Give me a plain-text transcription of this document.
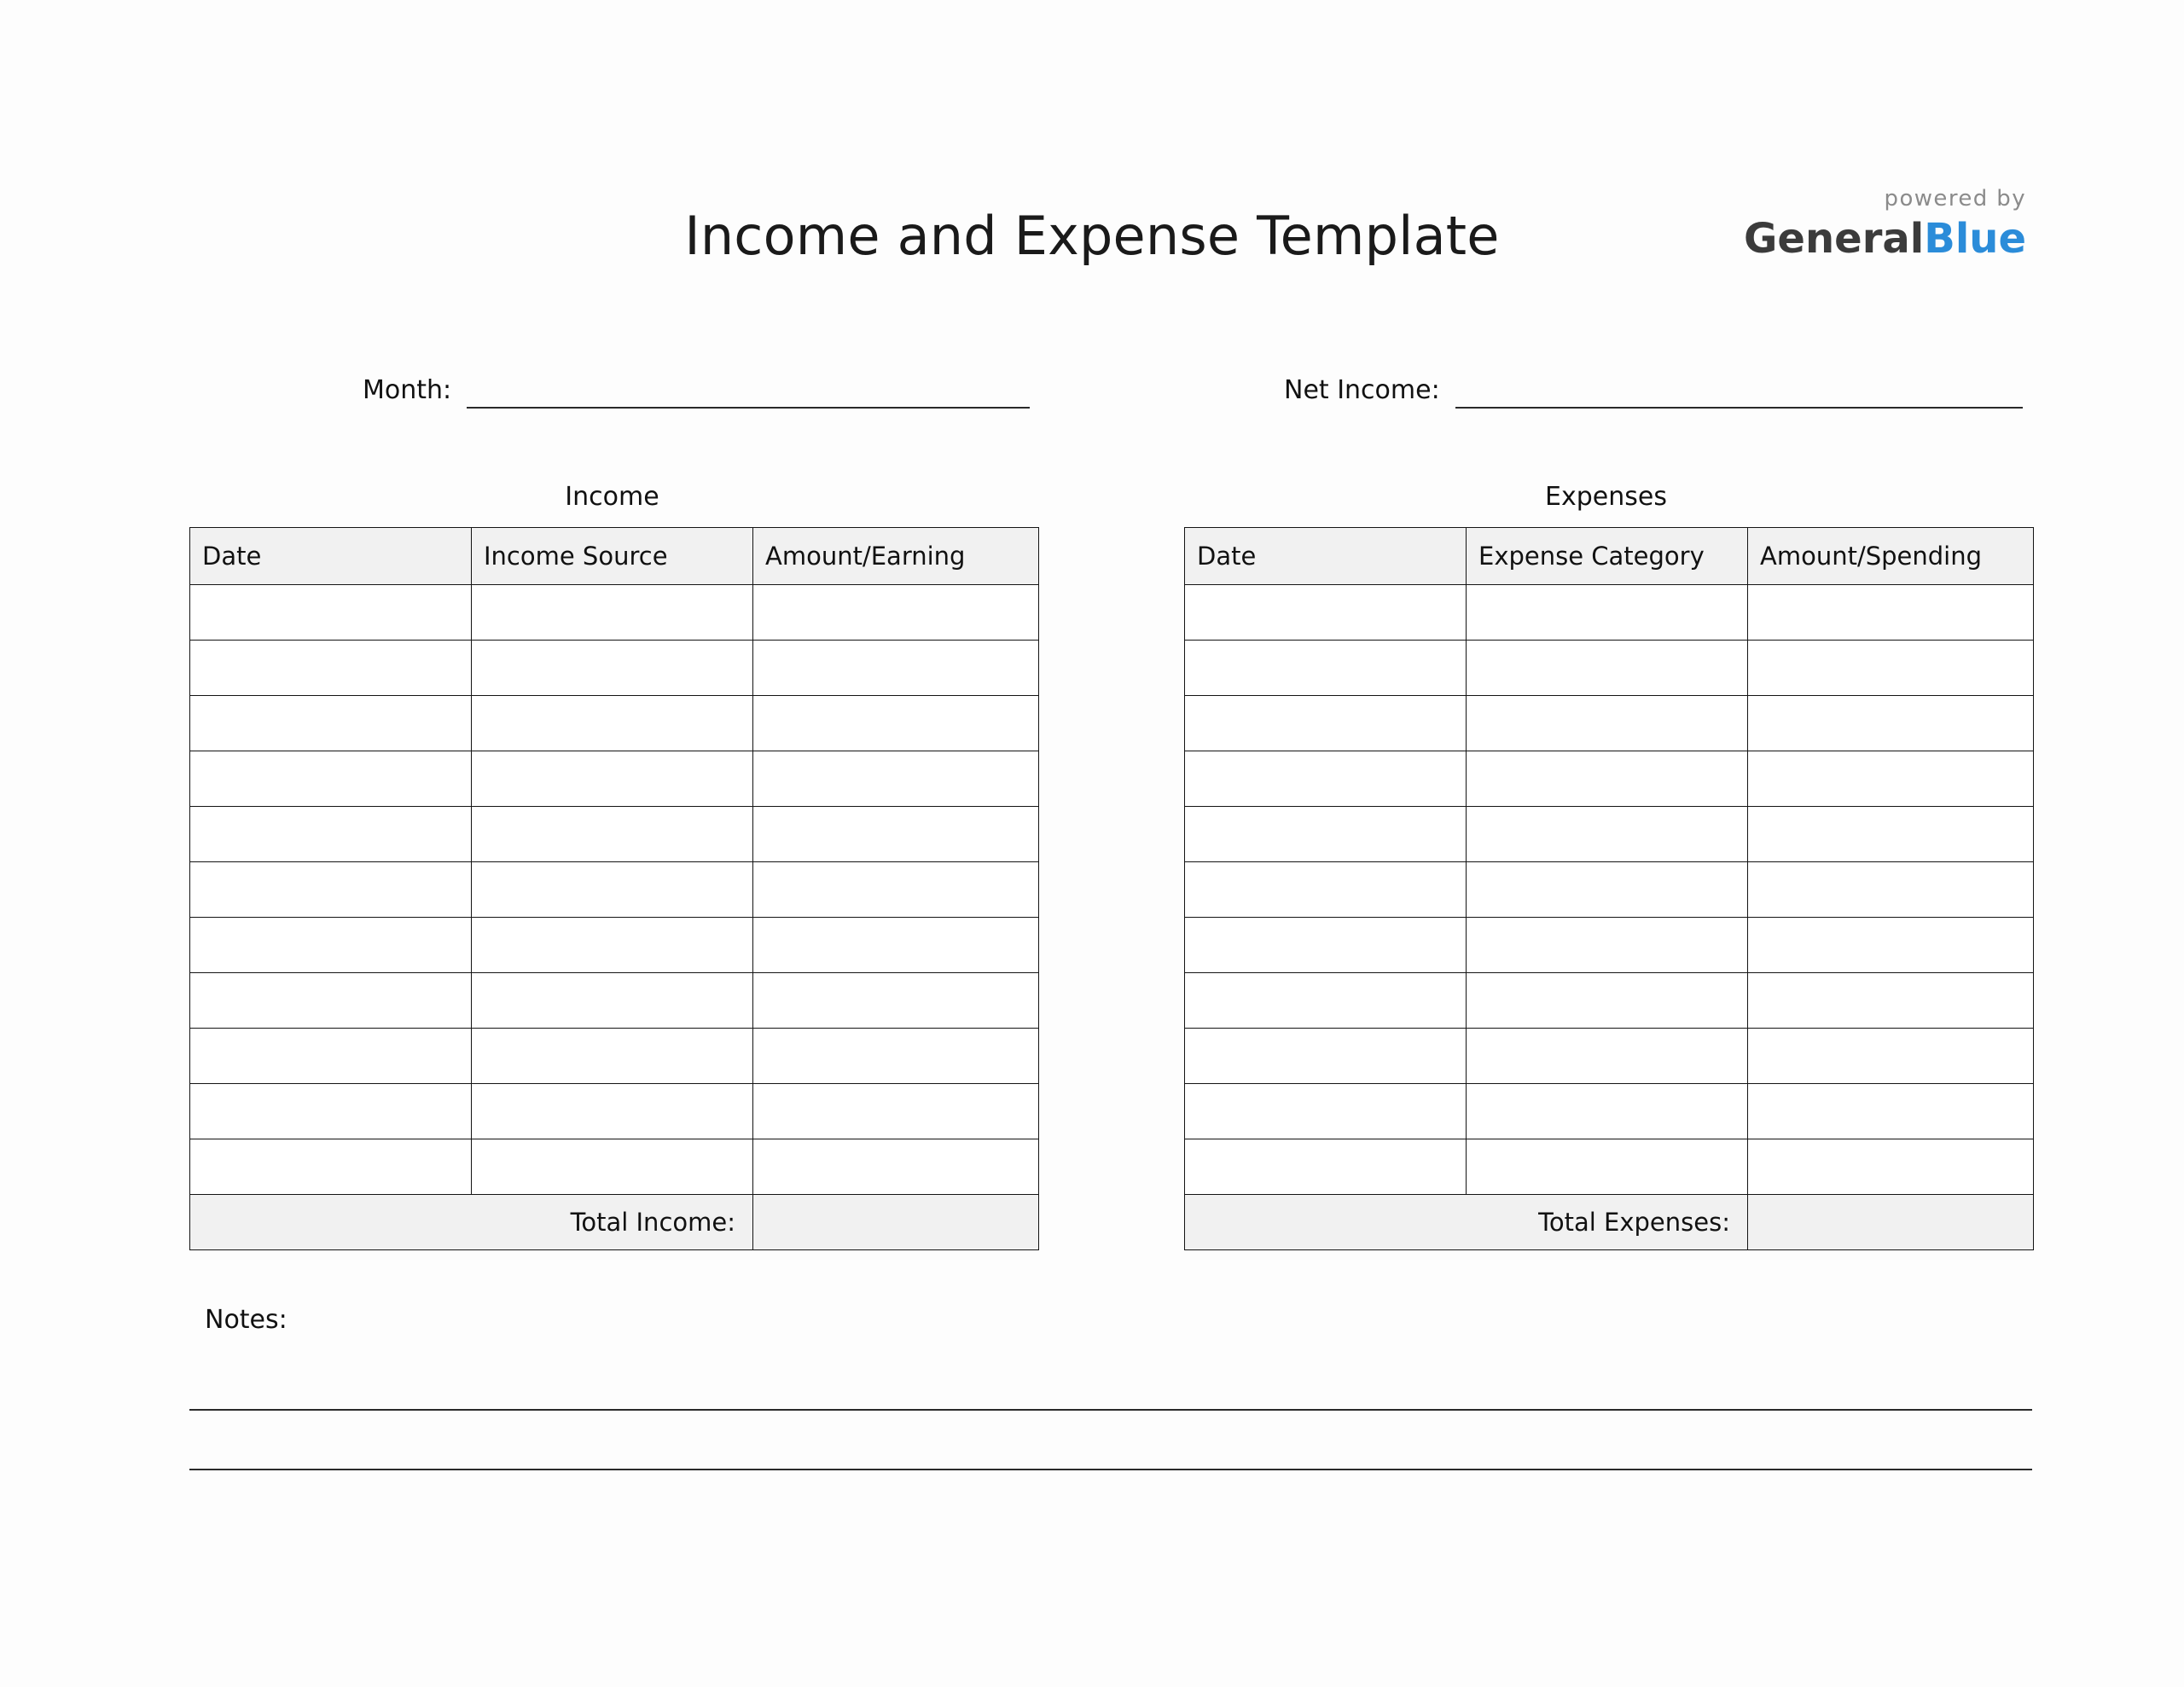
Income and Expense Template
powered by
GeneralBlue
Month:	Net Income:
Income	Expenses
Date	Income Source	Amount/Earning

Total Income:		
Date	Expense Category	Amount/Spending

Total Expenses:		
Notes:
